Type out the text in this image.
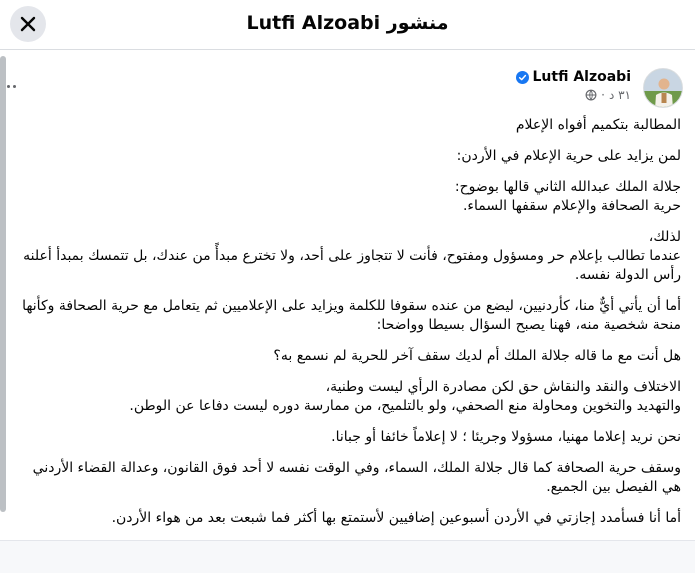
منشور Lutfi Alzoabi
Lutfi Alzoabi
٣١ د
·

المطالبة بتكميم أفواه الإعلام

لمن يزايد على حرية الإعلام في الأردن:

جلالة الملك عبدالله الثاني قالها بوضوح:
حرية الصحافة والإعلام سقفها السماء.

لذلك،
عندما تطالب بإعلام حر ومسؤول ومفتوح، فأنت لا تتجاوز على أحد، ولا تخترع مبدأً من عندك، بل تتمسك بمبدأ أعلنه رأس الدولة نفسه.

أما أن يأتي أيٌّ منا، كأردنيين، ليضع من عنده سقوفا للكلمة ويزايد على الإعلاميين ثم يتعامل مع حرية الصحافة وكأنها منحة شخصية منه، فهنا يصبح السؤال بسيطا وواضحا:

هل أنت مع ما قاله جلالة الملك أم لديك سقف آخر للحرية لم نسمع به؟

الاختلاف والنقد والنقاش حق لكن مصادرة الرأي ليست وطنية،
والتهديد والتخوين ومحاولة منع الصحفي، ولو بالتلميح، من ممارسة دوره ليست دفاعا عن الوطن.

نحن نريد إعلاما مهنيا، مسؤولا وجريئا ؛ لا إعلاماً خائفا أو جبانا.

وسقف حرية الصحافة كما قال جلالة الملك، السماء، وفي الوقت نفسه لا أحد فوق القانون، وعدالة القضاء الأردني هي الفيصل بين الجميع.

أما أنا فسأمدد إجازتي في الأردن أسبوعين إضافيين لأستمتع بها أكثر فما شبعت بعد من هواء الأردن.
